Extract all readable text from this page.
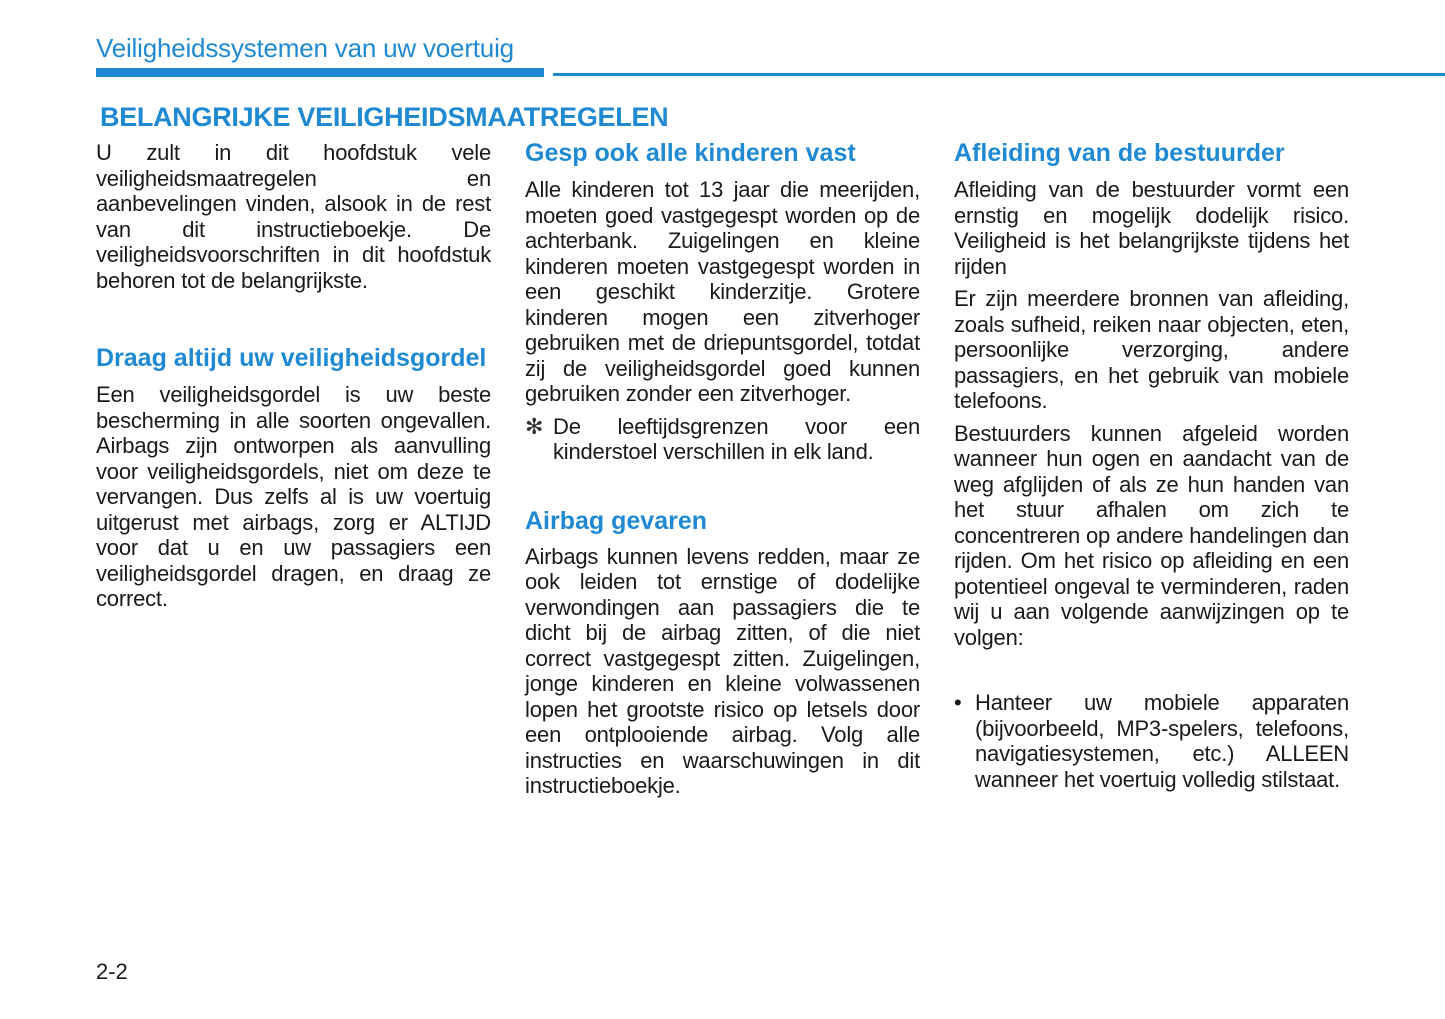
Veiligheidssystemen van uw voertuig
BELANGRIJKE VEILIGHEIDSMAATREGELEN

U zult in dit hoofdstuk vele veiligheidsmaatregelen en aanbevelingen vinden, alsook in de rest van dit instructieboekje. De veiligheidsvoorschriften in dit hoofdstuk behoren tot de belangrijkste.

Draag altijd uw veiligheidsgordel

Een veiligheidsgordel is uw beste bescherming in alle soorten ongevallen. Airbags zijn ontworpen als aanvulling voor veiligheidsgordels, niet om deze te vervangen. Dus zelfs al is uw voertuig uitgerust met airbags, zorg er ALTIJD voor dat u en uw passagiers een veiligheidsgordel dragen, en draag ze correct.

Gesp ook alle kinderen vast

Alle kinderen tot 13 jaar die meerijden, moeten goed vastgegespt worden op de achterbank. Zuigelingen en kleine kinderen moeten vastgegespt worden in een geschikt kinderzitje. Grotere kinderen mogen een zitverhoger gebruiken met de driepuntsgordel, totdat zij de veiligheidsgordel goed kunnen gebruiken zonder een zitverhoger.

✻ De leeftijdsgrenzen voor een kinderstoel verschillen in elk land.
Airbag gevaren

Airbags kunnen levens redden, maar ze ook leiden tot ernstige of dodelijke verwondingen aan passagiers die te dicht bij de airbag zitten, of die niet correct vastgegespt zitten. Zuigelingen, jonge kinderen en kleine volwassenen lopen het grootste risico op letsels door een ontplooiende airbag. Volg alle instructies en waarschuwingen in dit instructieboekje.

Afleiding van de bestuurder

Afleiding van de bestuurder vormt een ernstig en mogelijk dodelijk risico. Veiligheid is het belangrijkste tijdens het rijden

Er zijn meerdere bronnen van afleiding, zoals sufheid, reiken naar objecten, eten, persoonlijke verzorging, andere passagiers, en het gebruik van mobiele telefoons.

Bestuurders kunnen afgeleid worden wanneer hun ogen en aandacht van de weg afglijden of als ze hun handen van het stuur afhalen om zich te concentreren op andere handelingen dan rijden. Om het risico op afleiding en een potentieel ongeval te verminderen, raden wij u aan volgende aanwijzingen op te volgen:

• Hanteer uw mobiele apparaten (bijvoorbeeld, MP3-spelers, telefoons, navigatiesystemen, etc.) ALLEEN wanneer het voertuig volledig stilstaat.
2-2
